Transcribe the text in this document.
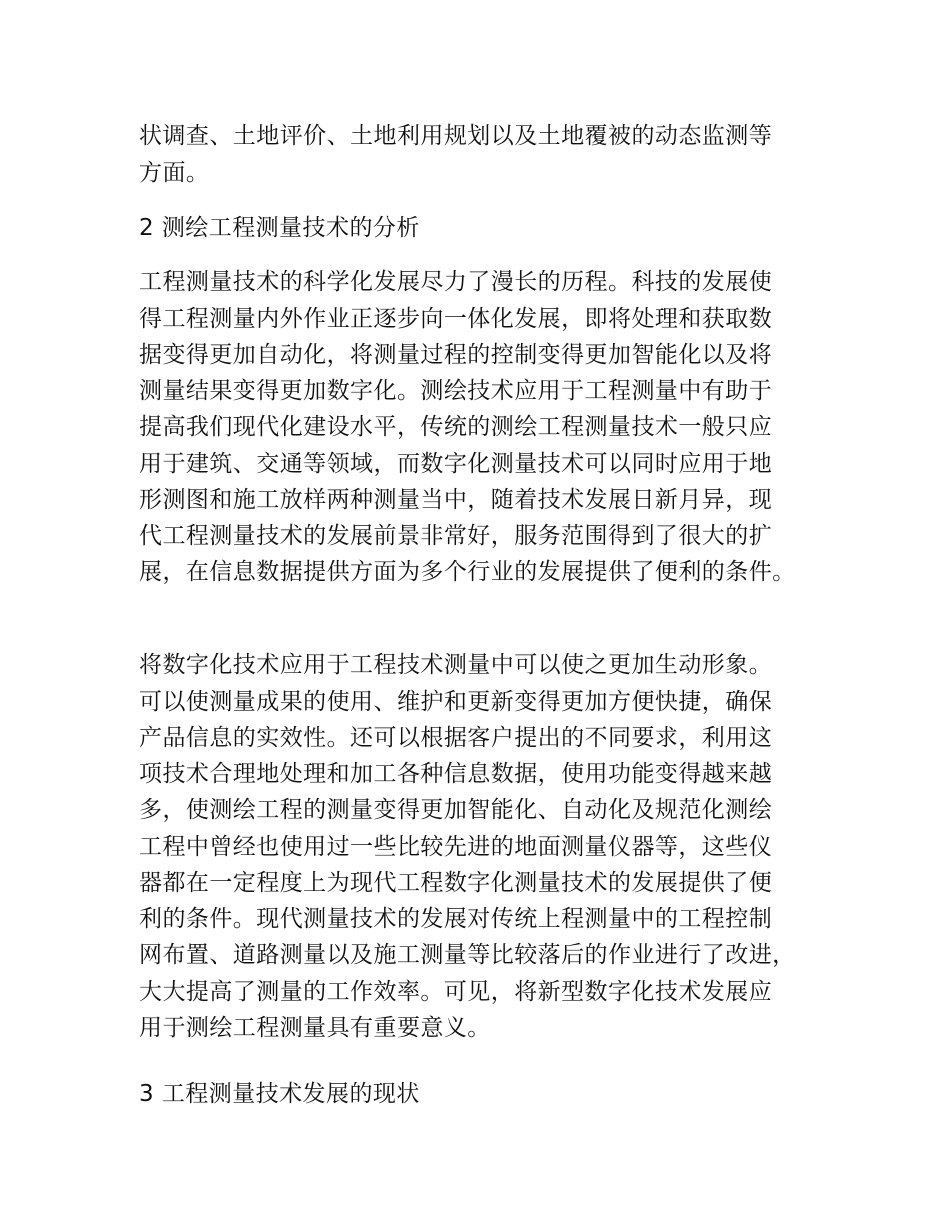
状调查、土地评价、土地利用规划以及土地覆被的动态监测等

方面。

2 测绘工程测量技术的分析

工程测量技术的科学化发展尽力了漫长的历程。科技的发展使

得工程测量内外作业正逐步向一体化发展，即将处理和获取数

据变得更加自动化，将测量过程的控制变得更加智能化以及将

测量结果变得更加数字化。测绘技术应用于工程测量中有助于

提高我们现代化建设水平，传统的测绘工程测量技术一般只应

用于建筑、交通等领域，而数字化测量技术可以同时应用于地

形测图和施工放样两种测量当中，随着技术发展日新月异，现

代工程测量技术的发展前景非常好，服务范围得到了很大的扩

展，在信息数据提供方面为多个行业的发展提供了便利的条件。

将数字化技术应用于工程技术测量中可以使之更加生动形象。

可以使测量成果的使用、维护和更新变得更加方便快捷，确保

产品信息的实效性。还可以根据客户提出的不同要求，利用这

项技术合理地处理和加工各种信息数据，使用功能变得越来越

多，使测绘工程的测量变得更加智能化、自动化及规范化测绘

工程中曾经也使用过一些比较先进的地面测量仪器等，这些仪

器都在一定程度上为现代工程数字化测量技术的发展提供了便

利的条件。现代测量技术的发展对传统上程测量中的工程控制

网布置、道路测量以及施工测量等比较落后的作业进行了改进，

大大提高了测量的工作效率。可见，将新型数字化技术发展应

用于测绘工程测量具有重要意义。

3 工程测量技术发展的现状
